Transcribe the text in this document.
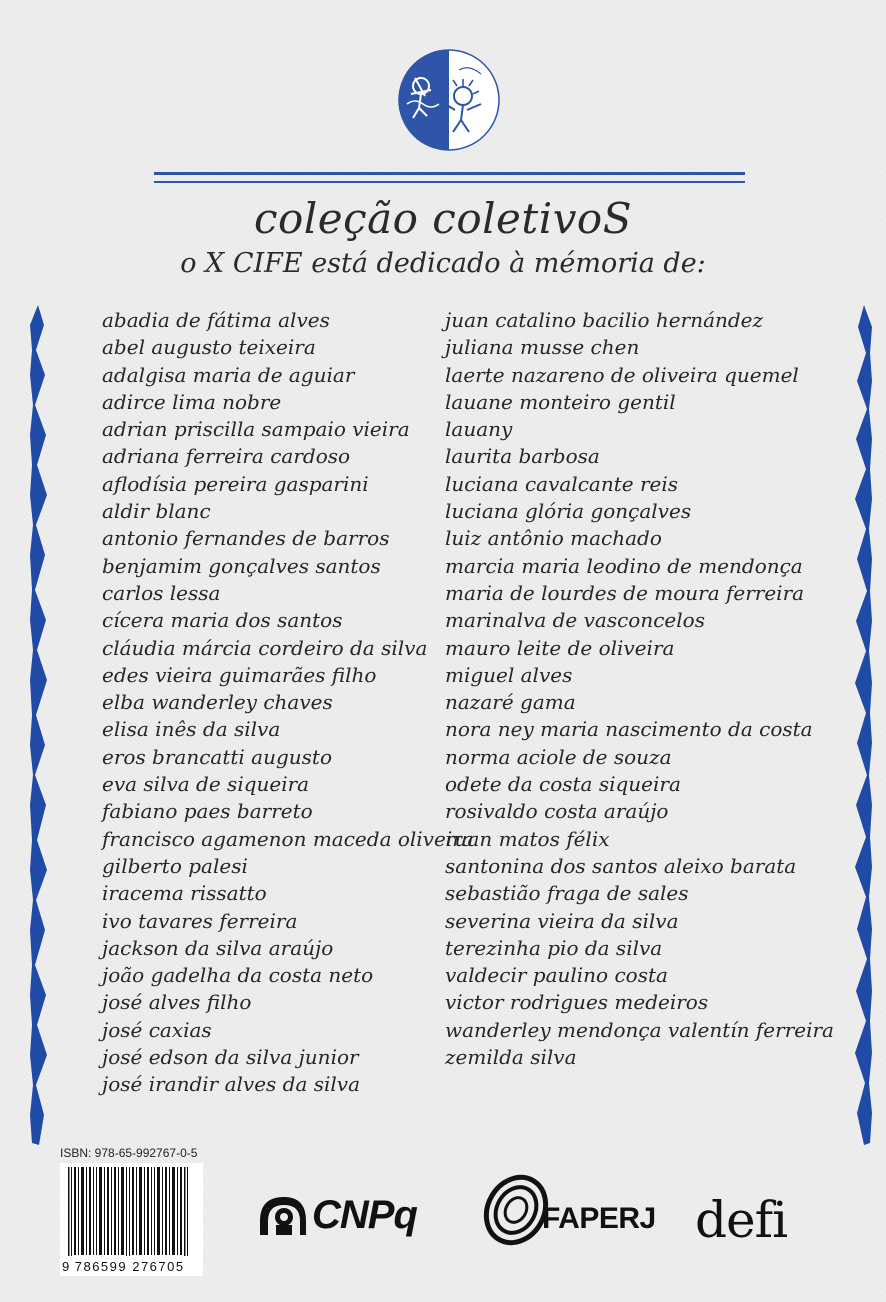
coleção coletivoS
o X CIFE está dedicado à mémoria de:
abadia de fátima alves
abel augusto teixeira
adalgisa maria de aguiar
adirce lima nobre
adrian priscilla sampaio vieira
adriana ferreira cardoso
aflodísia pereira gasparini
aldir blanc
antonio fernandes de barros
benjamim gonçalves santos
carlos lessa
cícera maria dos santos
cláudia márcia cordeiro da silva
edes vieira guimarães filho
elba wanderley chaves
elisa inês da silva
eros brancatti augusto
eva silva de siqueira
fabiano paes barreto
francisco agamenon maceda oliveira
gilberto palesi
iracema rissatto
ivo tavares ferreira
jackson da silva araújo
joão gadelha da costa neto
josé alves filho
josé caxias
josé edson da silva junior
josé irandir alves da silva
juan catalino bacilio hernández
juliana musse chen
laerte nazareno de oliveira quemel
lauane monteiro gentil
lauany
laurita barbosa
luciana cavalcante reis
luciana glória gonçalves
luiz antônio machado
marcia maria leodino de mendonça
maria de lourdes de moura ferreira
marinalva de vasconcelos
mauro leite de oliveira
miguel alves
nazaré gama
nora ney maria nascimento da costa
norma aciole de souza
odete da costa siqueira
rosivaldo costa araújo
ruan matos félix
santonina dos santos aleixo barata
sebastião fraga de sales
severina vieira da silva
terezinha pio da silva
valdecir paulino costa
victor rodrigues medeiros
wanderley mendonça valentín ferreira
zemilda silva
ISBN: 978-65-992767-0-5
9 786599 276705
CNPq	FAPERJ defi
